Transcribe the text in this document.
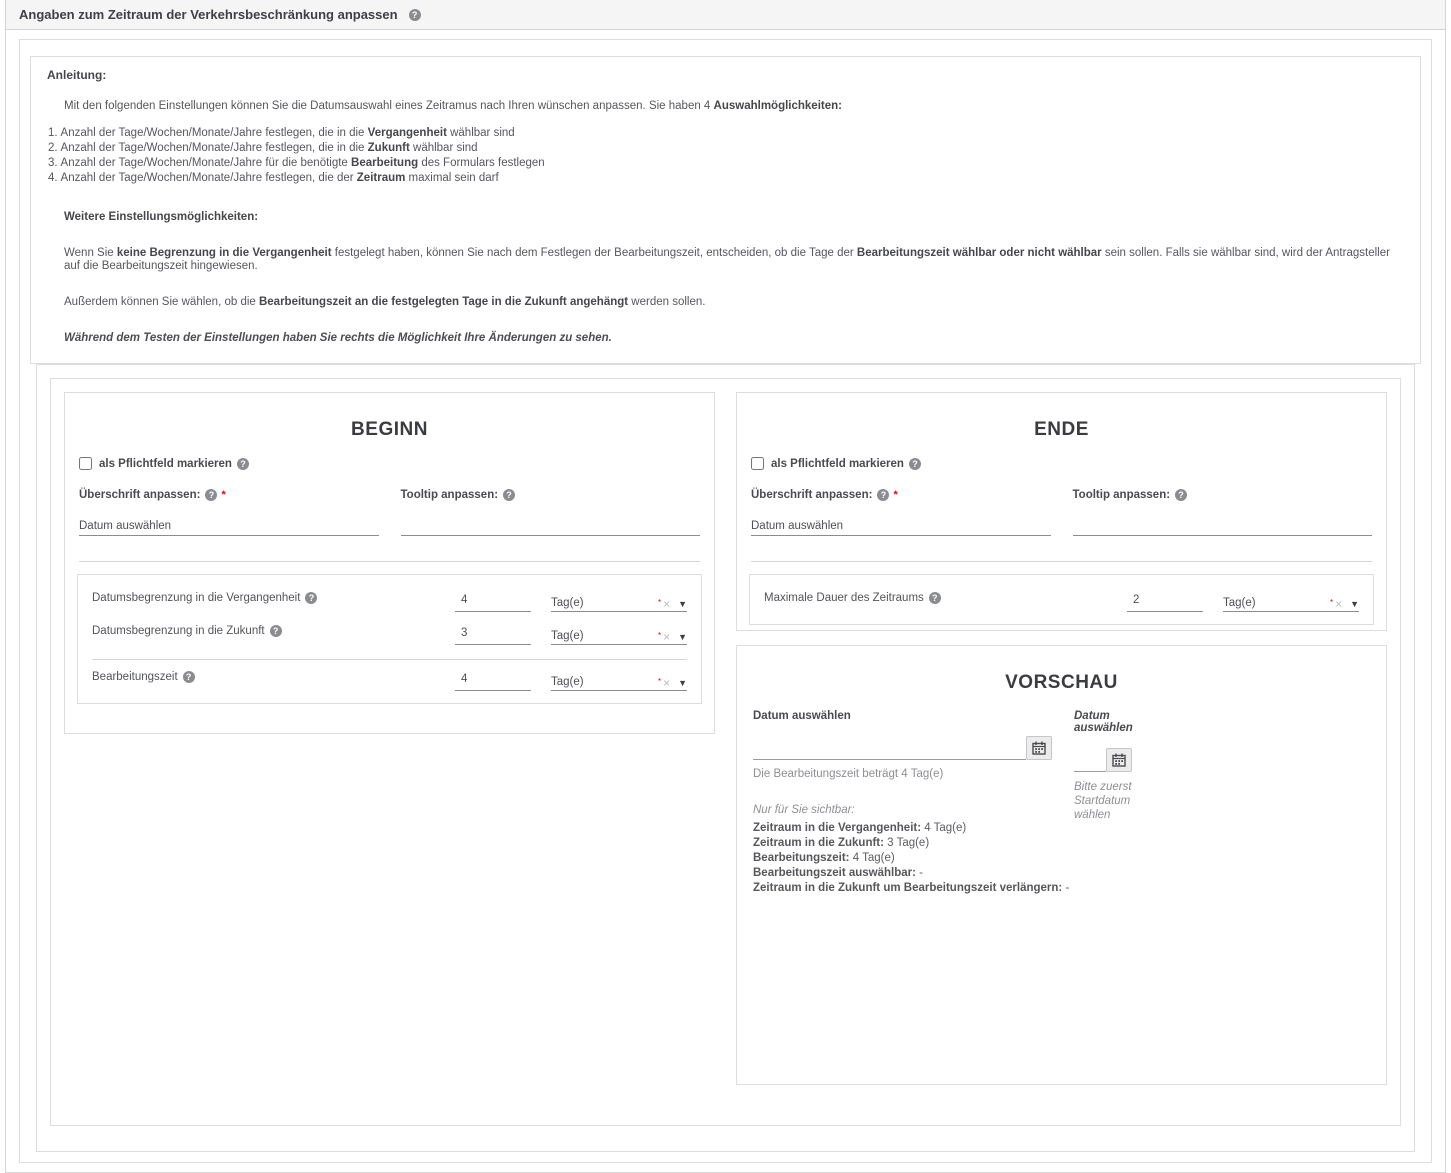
Angaben zum Zeitraum der Verkehrsbeschränkung anpassen	?
Anleitung:
Mit den folgenden Einstellungen können Sie die Datumsauswahl eines Zeitramus nach Ihren wünschen anpassen. Sie haben 4 Auswahlmöglichkeiten:
1. Anzahl der Tage/Wochen/Monate/Jahre festlegen, die in die Vergangenheit wählbar sind
2. Anzahl der Tage/Wochen/Monate/Jahre festlegen, die in die Zukunft wählbar sind
3. Anzahl der Tage/Wochen/Monate/Jahre für die benötigte Bearbeitung des Formulars festlegen
4. Anzahl der Tage/Wochen/Monate/Jahre festlegen, die der Zeitraum maximal sein darf
Weitere Einstellungsmöglichkeiten:
Wenn Sie keine Begrenzung in die Vergangenheit festgelegt haben, können Sie nach dem Festlegen der Bearbeitungszeit, entscheiden, ob die Tage der Bearbeitungszeit wählbar oder nicht wählbar sein sollen. Falls sie wählbar sind, wird der Antragsteller auf die Bearbeitungszeit hingewiesen.
Außerdem können Sie wählen, ob die Bearbeitungszeit an die festgelegten Tage in die Zukunft angehängt werden sollen.
Während dem Testen der Einstellungen haben Sie rechts die Möglichkeit Ihre Änderungen zu sehen.
BEGINN
als Pflichtfeld markieren ?
Überschrift anpassen: ? *
Datum auswählen
Tooltip anpassen: ?
Datumsbegrenzung in die Vergangenheit ?	4	Tag(e)	* × ▼
Datumsbegrenzung in die Zukunft ?	3	Tag(e)	* × ▼
Bearbeitungszeit ?	4	Tag(e)	* × ▼
ENDE
als Pflichtfeld markieren ?
Überschrift anpassen: ? *
Datum auswählen
Tooltip anpassen: ?
Maximale Dauer des Zeitraums ?	2	Tag(e)	* × ▼
VORSCHAU
Datum auswählen
Die Bearbeitungszeit beträgt 4 Tag(e)
Nur für Sie sichtbar:
Zeitraum in die Vergangenheit: 4 Tag(e)
Zeitraum in die Zukunft: 3 Tag(e)
Bearbeitungszeit: 4 Tag(e)
Bearbeitungszeit auswählbar: -
Zeitraum in die Zukunft um Bearbeitungszeit verlängern: -
Datum auswählen
Bitte zuerst Startdatum wählen
